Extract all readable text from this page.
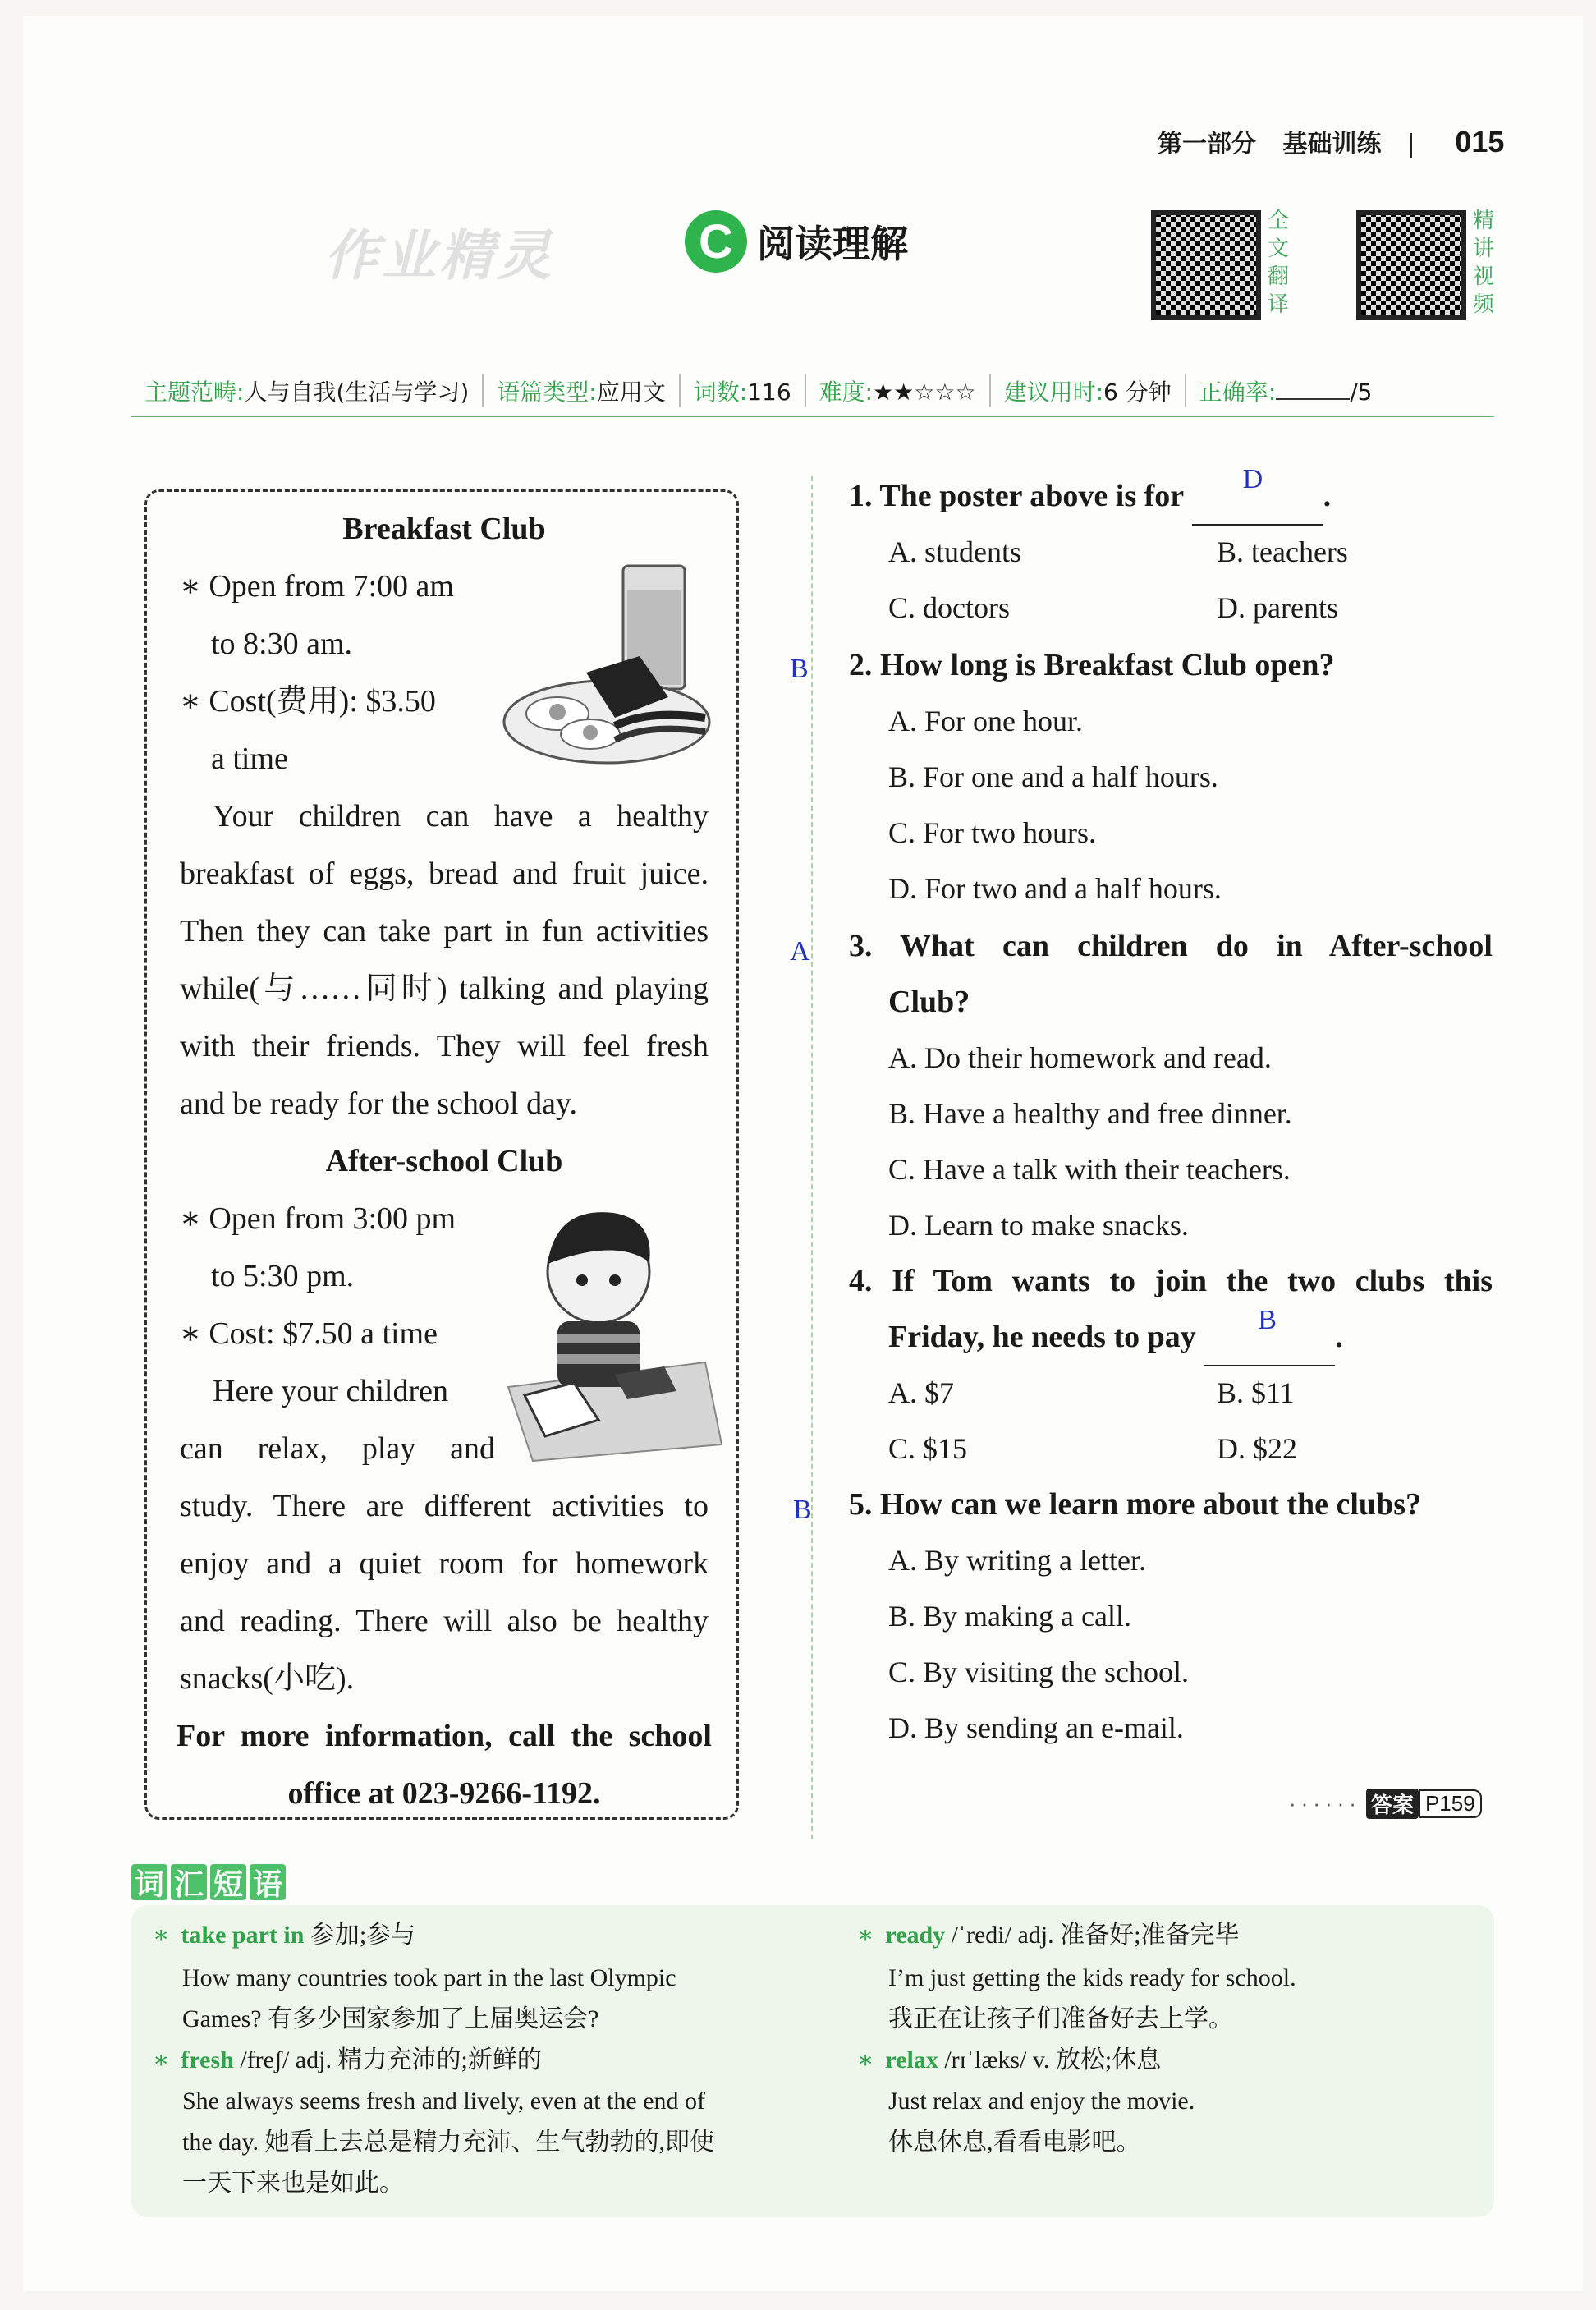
第一部分 基础训练 015
作业精灵	C 阅读理解
全文翻译
精讲视频
主题范畴:人与自我(生活与学习)	语篇类型:应用文	词数:116	难度:★★☆☆☆	建议用时:6 分钟	正确率:	/5
Breakfast Club
∗ Open from 7:00 am
to 8:30 am.
∗ Cost(费用): $3.50
a time
Your children can have a healthy
breakfast of eggs, bread and fruit juice.
Then they can take part in fun activities
while(与……同时) talking and playing
with their friends. They will feel fresh
and be ready for the school day.
After-school Club
∗ Open from 3:00 pm
to 5:30 pm.
∗ Cost: $7.50 a time
Here your children
can relax, play and
study. There are different activities to
enjoy and a quiet room for homework
and reading. There will also be healthy
snacks(小吃).
For more information, call the school
office at 023-9266-1192.
1. The poster above is for D .
A. students	B. teachers
C. doctors	D. parents
B 2. How long is Breakfast Club open?
A. For one hour.
B. For one and a half hours.
C. For two hours.
D. For two and a half hours.
A 3. What can children do in After-school
Club?
A. Do their homework and read.
B. Have a healthy and free dinner.
C. Have a talk with their teachers.
D. Learn to make snacks.
4. If Tom wants to join the two clubs this
Friday, he needs to pay B .
A. $7	B. $11
C. $15	D. $22
B 5. How can we learn more about the clubs?
A. By writing a letter.
B. By making a call.
C. By visiting the school.
D. By sending an e-mail.
······ 答案 P159
词 汇 短 语
∗ take part in 参加;参与
How many countries took part in the last Olympic
Games? 有多少国家参加了上届奥运会?
∗ fresh /freʃ/ adj. 精力充沛的;新鲜的
She always seems fresh and lively, even at the end of
the day. 她看上去总是精力充沛、生气勃勃的,即使
一天下来也是如此。
∗ ready /ˈredi/ adj. 准备好;准备完毕
I’m just getting the kids ready for school.
我正在让孩子们准备好去上学。
∗ relax /rɪˈlæks/ v. 放松;休息
Just relax and enjoy the movie.
休息休息,看看电影吧。
